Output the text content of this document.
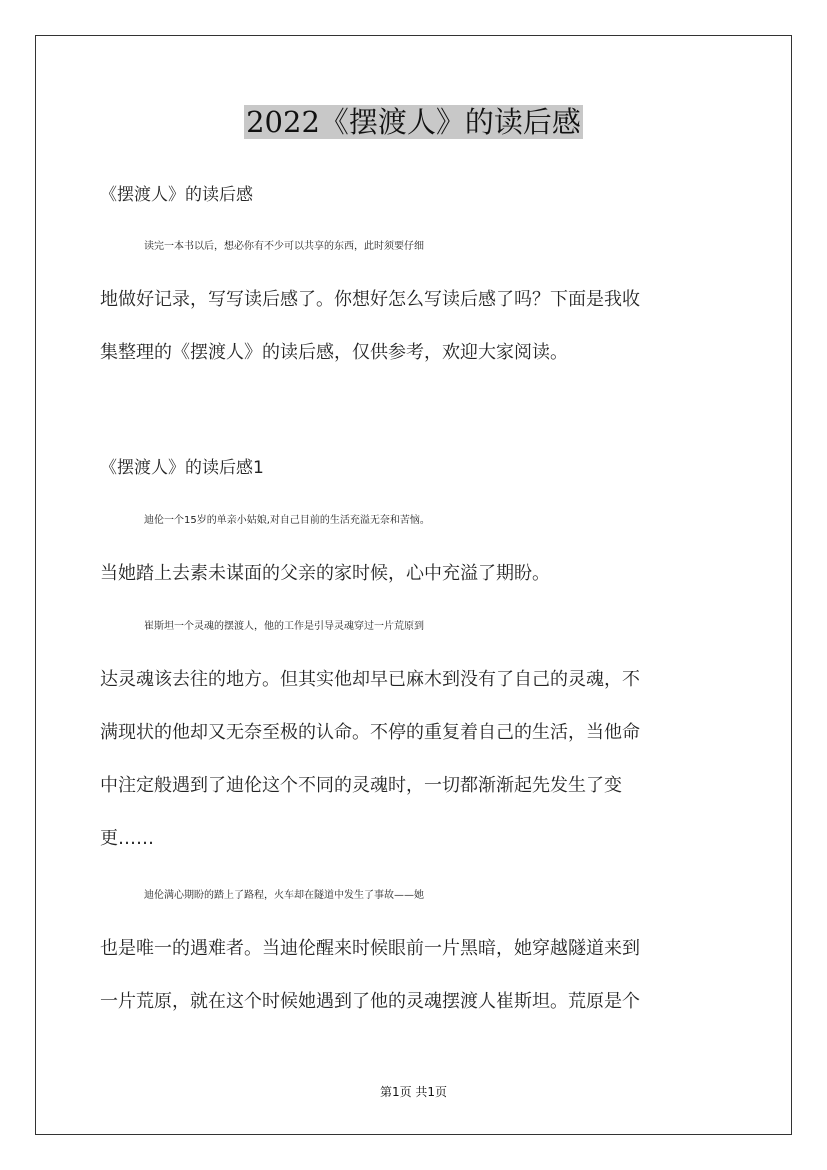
2022《摆渡人》的读后感

《摆渡人》的读后感

读完一本书以后，想必你有不少可以共享的东西，此时须要仔细
地做好记录，写写读后感了。你想好怎么写读后感了吗？下面是我收
集整理的《摆渡人》的读后感，仅供参考，欢迎大家阅读。

《摆渡人》的读后感1

迪伦一个15岁的单亲小姑娘,对自己目前的生活充溢无奈和苦恼。
当她踏上去素未谋面的父亲的家时候，心中充溢了期盼。
崔斯坦一个灵魂的摆渡人，他的工作是引导灵魂穿过一片荒原到
达灵魂该去往的地方。但其实他却早已麻木到没有了自己的灵魂，不
满现状的他却又无奈至极的认命。不停的重复着自己的生活，当他命
中注定般遇到了迪伦这个不同的灵魂时，一切都渐渐起先发生了变
更……
迪伦满心期盼的踏上了路程，火车却在隧道中发生了事故——她
也是唯一的遇难者。当迪伦醒来时候眼前一片黑暗，她穿越隧道来到
一片荒原，就在这个时候她遇到了他的灵魂摆渡人崔斯坦。荒原是个
第1页 共1页
